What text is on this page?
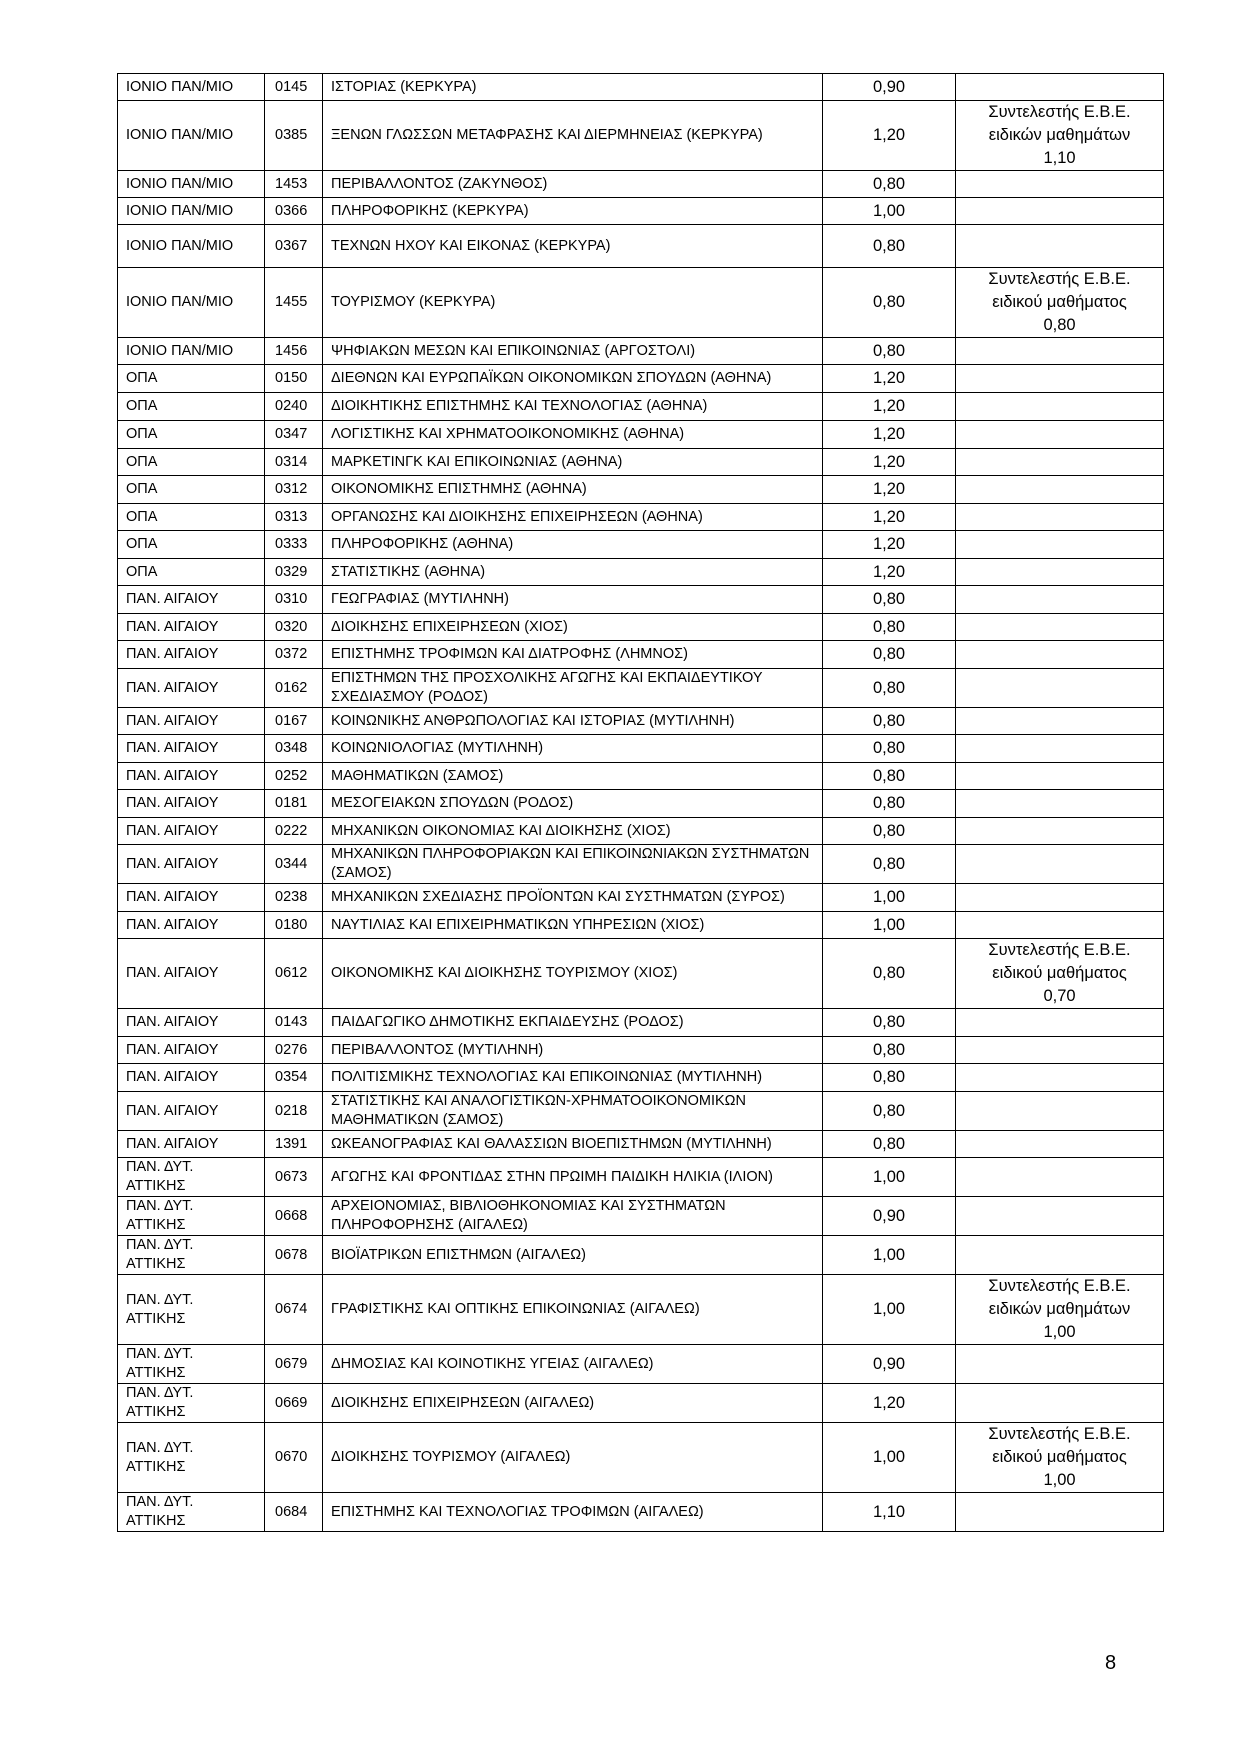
ΙΟΝΙΟ ΠΑΝ/ΜΙΟ	0145	ΙΣΤΟΡΙΑΣ (ΚΕΡΚΥΡΑ)	0,90	
ΙΟΝΙΟ ΠΑΝ/ΜΙΟ	0385	ΞΕΝΩΝ ΓΛΩΣΣΩΝ ΜΕΤΑΦΡΑΣΗΣ ΚΑΙ ΔΙΕΡΜΗΝΕΙΑΣ (ΚΕΡΚΥΡΑ)	1,20	Συντελεστής Ε.Β.Ε.
ειδικών μαθημάτων
1,10

ΙΟΝΙΟ ΠΑΝ/ΜΙΟ	1453	ΠΕΡΙΒΑΛΛΟΝΤΟΣ (ΖΑΚΥΝΘΟΣ)	0,80	
ΙΟΝΙΟ ΠΑΝ/ΜΙΟ	0366	ΠΛΗΡΟΦΟΡΙΚΗΣ (ΚΕΡΚΥΡΑ)	1,00	
ΙΟΝΙΟ ΠΑΝ/ΜΙΟ	0367	ΤΕΧΝΩΝ ΗΧΟΥ ΚΑΙ ΕΙΚΟΝΑΣ (ΚΕΡΚΥΡΑ)	0,80	
ΙΟΝΙΟ ΠΑΝ/ΜΙΟ	1455	ΤΟΥΡΙΣΜΟΥ (ΚΕΡΚΥΡΑ)	0,80	Συντελεστής Ε.Β.Ε.
ειδικού μαθήματος
0,80

ΙΟΝΙΟ ΠΑΝ/ΜΙΟ	1456	ΨΗΦΙΑΚΩΝ ΜΕΣΩΝ ΚΑΙ ΕΠΙΚΟΙΝΩΝΙΑΣ (ΑΡΓΟΣΤΟΛΙ)	0,80	
ΟΠΑ	0150	ΔΙΕΘΝΩΝ ΚΑΙ ΕΥΡΩΠΑΪΚΩΝ ΟΙΚΟΝΟΜΙΚΩΝ ΣΠΟΥΔΩΝ (ΑΘΗΝΑ)	1,20	
ΟΠΑ	0240	ΔΙΟΙΚΗΤΙΚΗΣ ΕΠΙΣΤΗΜΗΣ ΚΑΙ ΤΕΧΝΟΛΟΓΙΑΣ (ΑΘΗΝΑ)	1,20	
ΟΠΑ	0347	ΛΟΓΙΣΤΙΚΗΣ ΚΑΙ ΧΡΗΜΑΤΟΟΙΚΟΝΟΜΙΚΗΣ (ΑΘΗΝΑ)	1,20	
ΟΠΑ	0314	ΜΑΡΚΕΤΙΝΓΚ ΚΑΙ ΕΠΙΚΟΙΝΩΝΙΑΣ (ΑΘΗΝΑ)	1,20	
ΟΠΑ	0312	ΟΙΚΟΝΟΜΙΚΗΣ ΕΠΙΣΤΗΜΗΣ (ΑΘΗΝΑ)	1,20	
ΟΠΑ	0313	ΟΡΓΑΝΩΣΗΣ ΚΑΙ ΔΙΟΙΚΗΣΗΣ ΕΠΙΧΕΙΡΗΣΕΩΝ (ΑΘΗΝΑ)	1,20	
ΟΠΑ	0333	ΠΛΗΡΟΦΟΡΙΚΗΣ (ΑΘΗΝΑ)	1,20	
ΟΠΑ	0329	ΣΤΑΤΙΣΤΙΚΗΣ (ΑΘΗΝΑ)	1,20	
ΠΑΝ. ΑΙΓΑΙΟΥ	0310	ΓΕΩΓΡΑΦΙΑΣ (ΜΥΤΙΛΗΝΗ)	0,80	
ΠΑΝ. ΑΙΓΑΙΟΥ	0320	ΔΙΟΙΚΗΣΗΣ ΕΠΙΧΕΙΡΗΣΕΩΝ (ΧΙΟΣ)	0,80	
ΠΑΝ. ΑΙΓΑΙΟΥ	0372	ΕΠΙΣΤΗΜΗΣ ΤΡΟΦΙΜΩΝ ΚΑΙ ΔΙΑΤΡΟΦΗΣ (ΛΗΜΝΟΣ)	0,80	
ΠΑΝ. ΑΙΓΑΙΟΥ	0162	ΕΠΙΣΤΗΜΩΝ ΤΗΣ ΠΡΟΣΧΟΛΙΚΗΣ ΑΓΩΓΗΣ ΚΑΙ ΕΚΠΑΙΔΕΥΤΙΚΟΥ ΣΧΕΔΙΑΣΜΟΥ (ΡΟΔΟΣ)	0,80	
ΠΑΝ. ΑΙΓΑΙΟΥ	0167	ΚΟΙΝΩΝΙΚΗΣ ΑΝΘΡΩΠΟΛΟΓΙΑΣ ΚΑΙ ΙΣΤΟΡΙΑΣ (ΜΥΤΙΛΗΝΗ)	0,80	
ΠΑΝ. ΑΙΓΑΙΟΥ	0348	ΚΟΙΝΩΝΙΟΛΟΓΙΑΣ (ΜΥΤΙΛΗΝΗ)	0,80	
ΠΑΝ. ΑΙΓΑΙΟΥ	0252	ΜΑΘΗΜΑΤΙΚΩΝ (ΣΑΜΟΣ)	0,80	
ΠΑΝ. ΑΙΓΑΙΟΥ	0181	ΜΕΣΟΓΕΙΑΚΩΝ ΣΠΟΥΔΩΝ (ΡΟΔΟΣ)	0,80	
ΠΑΝ. ΑΙΓΑΙΟΥ	0222	ΜΗΧΑΝΙΚΩΝ ΟΙΚΟΝΟΜΙΑΣ ΚΑΙ ΔΙΟΙΚΗΣΗΣ (ΧΙΟΣ)	0,80	
ΠΑΝ. ΑΙΓΑΙΟΥ	0344	ΜΗΧΑΝΙΚΩΝ ΠΛΗΡΟΦΟΡΙΑΚΩΝ ΚΑΙ ΕΠΙΚΟΙΝΩΝΙΑΚΩΝ ΣΥΣΤΗΜΑΤΩΝ (ΣΑΜΟΣ)	0,80	
ΠΑΝ. ΑΙΓΑΙΟΥ	0238	ΜΗΧΑΝΙΚΩΝ ΣΧΕΔΙΑΣΗΣ ΠΡΟΪΟΝΤΩΝ ΚΑΙ ΣΥΣΤΗΜΑΤΩΝ (ΣΥΡΟΣ)	1,00	
ΠΑΝ. ΑΙΓΑΙΟΥ	0180	ΝΑΥΤΙΛΙΑΣ ΚΑΙ ΕΠΙΧΕΙΡΗΜΑΤΙΚΩΝ ΥΠΗΡΕΣΙΩΝ (ΧΙΟΣ)	1,00	
ΠΑΝ. ΑΙΓΑΙΟΥ	0612	ΟΙΚΟΝΟΜΙΚΗΣ ΚΑΙ ΔΙΟΙΚΗΣΗΣ ΤΟΥΡΙΣΜΟΥ (ΧΙΟΣ)	0,80	Συντελεστής Ε.Β.Ε.
ειδικού μαθήματος
0,70

ΠΑΝ. ΑΙΓΑΙΟΥ	0143	ΠΑΙΔΑΓΩΓΙΚΟ ΔΗΜΟΤΙΚΗΣ ΕΚΠΑΙΔΕΥΣΗΣ (ΡΟΔΟΣ)	0,80	
ΠΑΝ. ΑΙΓΑΙΟΥ	0276	ΠΕΡΙΒΑΛΛΟΝΤΟΣ (ΜΥΤΙΛΗΝΗ)	0,80	
ΠΑΝ. ΑΙΓΑΙΟΥ	0354	ΠΟΛΙΤΙΣΜΙΚΗΣ ΤΕΧΝΟΛΟΓΙΑΣ ΚΑΙ ΕΠΙΚΟΙΝΩΝΙΑΣ (ΜΥΤΙΛΗΝΗ)	0,80	
ΠΑΝ. ΑΙΓΑΙΟΥ	0218	ΣΤΑΤΙΣΤΙΚΗΣ ΚΑΙ ΑΝΑΛΟΓΙΣΤΙΚΩΝ-ΧΡΗΜΑΤΟΟΙΚΟΝΟΜΙΚΩΝ ΜΑΘΗΜΑΤΙΚΩΝ (ΣΑΜΟΣ)	0,80	
ΠΑΝ. ΑΙΓΑΙΟΥ	1391	ΩΚΕΑΝΟΓΡΑΦΙΑΣ ΚΑΙ ΘΑΛΑΣΣΙΩΝ ΒΙΟΕΠΙΣΤΗΜΩΝ (ΜΥΤΙΛΗΝΗ)	0,80	
ΠΑΝ. ΔΥΤ. ΑΤΤΙΚΗΣ	0673	ΑΓΩΓΗΣ ΚΑΙ ΦΡΟΝΤΙΔΑΣ ΣΤΗΝ ΠΡΩΙΜΗ ΠΑΙΔΙΚΗ ΗΛΙΚΙΑ (ΙΛΙΟΝ)	1,00	
ΠΑΝ. ΔΥΤ. ΑΤΤΙΚΗΣ	0668	ΑΡΧΕΙΟΝΟΜΙΑΣ, ΒΙΒΛΙΟΘΗΚΟΝΟΜΙΑΣ ΚΑΙ ΣΥΣΤΗΜΑΤΩΝ ΠΛΗΡΟΦΟΡΗΣΗΣ (ΑΙΓΑΛΕΩ)	0,90	
ΠΑΝ. ΔΥΤ. ΑΤΤΙΚΗΣ	0678	ΒΙΟΪΑΤΡΙΚΩΝ ΕΠΙΣΤΗΜΩΝ (ΑΙΓΑΛΕΩ)	1,00	
ΠΑΝ. ΔΥΤ. ΑΤΤΙΚΗΣ	0674	ΓΡΑΦΙΣΤΙΚΗΣ ΚΑΙ ΟΠΤΙΚΗΣ ΕΠΙΚΟΙΝΩΝΙΑΣ (ΑΙΓΑΛΕΩ)	1,00	Συντελεστής Ε.Β.Ε.
ειδικών μαθημάτων
1,00

ΠΑΝ. ΔΥΤ. ΑΤΤΙΚΗΣ	0679	ΔΗΜΟΣΙΑΣ ΚΑΙ ΚΟΙΝΟΤΙΚΗΣ ΥΓΕΙΑΣ (ΑΙΓΑΛΕΩ)	0,90	
ΠΑΝ. ΔΥΤ. ΑΤΤΙΚΗΣ	0669	ΔΙΟΙΚΗΣΗΣ ΕΠΙΧΕΙΡΗΣΕΩΝ (ΑΙΓΑΛΕΩ)	1,20	
ΠΑΝ. ΔΥΤ. ΑΤΤΙΚΗΣ	0670	ΔΙΟΙΚΗΣΗΣ ΤΟΥΡΙΣΜΟΥ (ΑΙΓΑΛΕΩ)	1,00	Συντελεστής Ε.Β.Ε.
ειδικού μαθήματος
1,00

ΠΑΝ. ΔΥΤ. ΑΤΤΙΚΗΣ	0684	ΕΠΙΣΤΗΜΗΣ ΚΑΙ ΤΕΧΝΟΛΟΓΙΑΣ ΤΡΟΦΙΜΩΝ (ΑΙΓΑΛΕΩ)	1,10	
8
